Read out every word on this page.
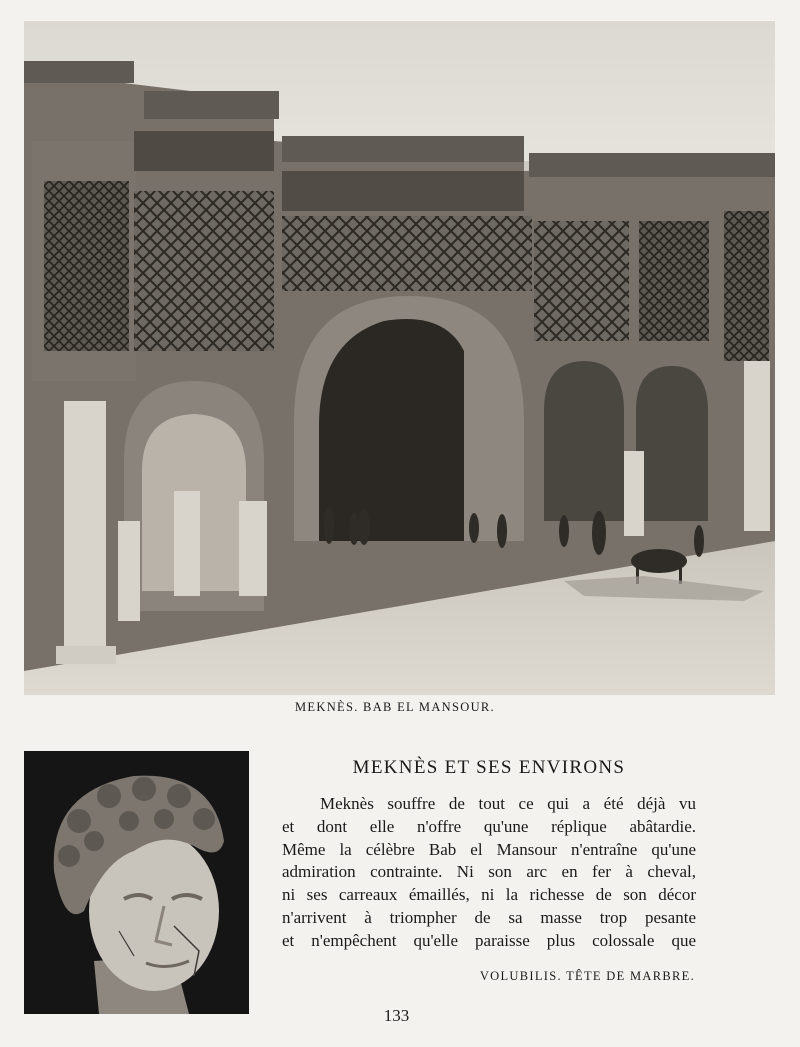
MEKNÈS. BAB EL MANSOUR.
MEKNÈS ET SES ENVIRONS
Meknès souffre de tout ce qui a été déjà vu
et dont elle n'offre qu'une réplique abâtardie.
Même la célèbre Bab el Mansour n'entraîne qu'une
admiration contrainte. Ni son arc en fer à cheval,
ni ses carreaux émaillés, ni la richesse de son décor
n'arrivent à triompher de sa masse trop pesante
et n'empêchent qu'elle paraisse plus colossale que
VOLUBILIS. TÊTE DE MARBRE.
133
